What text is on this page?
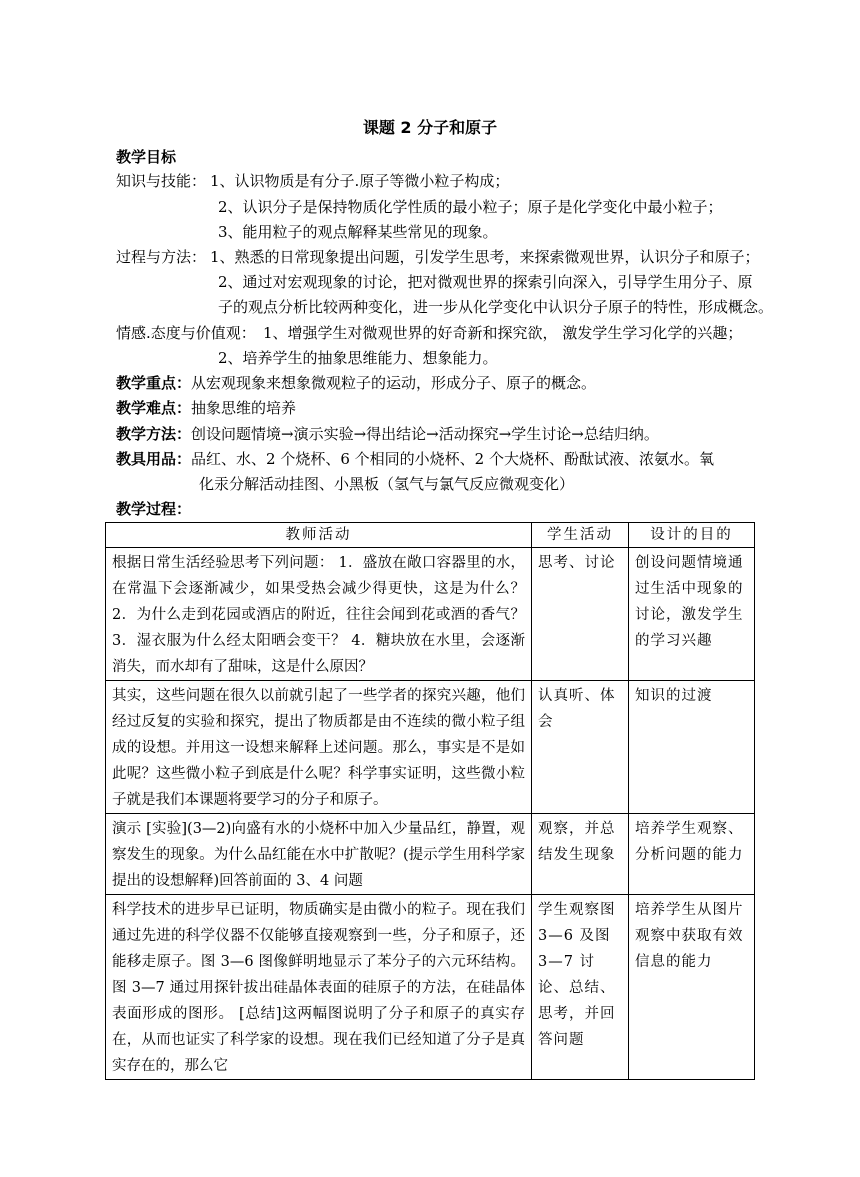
课题 2 分子和原子
教学目标
知识与技能： 1、认识物质是有分子.原子等微小粒子构成；
2、认识分子是保持物质化学性质的最小粒子；原子是化学变化中最小粒子；
3、能用粒子的观点解释某些常见的现象。
过程与方法： 1、熟悉的日常现象提出问题，引发学生思考，来探索微观世界，认识分子和原子；
2、通过对宏观现象的讨论，把对微观世界的探索引向深入，引导学生用分子、原
子的观点分析比较两种变化，进一步从化学变化中认识分子原子的特性，形成概念。
情感.态度与价值观： 1、增强学生对微观世界的好奇新和探究欲， 激发学生学习化学的兴趣；
2、培养学生的抽象思维能力、想象能力。
教学重点：从宏观现象来想象微观粒子的运动，形成分子、原子的概念。
教学难点：抽象思维的培养
教学方法：创设问题情境→演示实验→得出结论→活动探究→学生讨论→总结归纳。
教具用品：品红、水、2 个烧杯、6 个相同的小烧杯、2 个大烧杯、酚酞试液、浓氨水。氧
化汞分解活动挂图、小黑板（氢气与氯气反应微观变化）
教学过程：
教师活动	学生活动	设计的目的
根据日常生活经验思考下列问题： 1．盛放在敞口容器里的水，在常温下会逐渐减少，如果受热会减少得更快，这是为什么？ 2．为什么走到花园或酒店的附近，往往会闻到花或酒的香气？ 3．湿衣服为什么经太阳晒会变干？ 4．糖块放在水里，会逐渐消失，而水却有了甜味，这是什么原因？	思考、讨论	创设问题情境通过生活中现象的讨论，激发学生的学习兴趣
其实，这些问题在很久以前就引起了一些学者的探究兴趣，他们经过反复的实验和探究，提出了物质都是由不连续的微小粒子组成的设想。并用这一设想来解释上述问题。那么，事实是不是如此呢？这些微小粒子到底是什么呢？科学事实证明，这些微小粒子就是我们本课题将要学习的分子和原子。	认真听、体会	知识的过渡
演示 [实验](3—2)向盛有水的小烧杯中加入少量品红，静置，观察发生的现象。为什么品红能在水中扩散呢？(提示学生用科学家提出的设想解释)回答前面的 3、4 问题	观察，并总结发生现象	培养学生观察、分析问题的能力
科学技术的进步早已证明，物质确实是由微小的粒子。现在我们通过先进的科学仪器不仅能够直接观察到一些，分子和原子，还能移走原子。图 3—6 图像鲜明地显示了苯分子的六元环结构。图 3—7 通过用探针拔出硅晶体表面的硅原子的方法，在硅晶体表面形成的图形。 [总结]这两幅图说明了分子和原子的真实存在，从而也证实了科学家的设想。现在我们已经知道了分子是真实存在的，那么它	学生观察图 3—6 及图 3—7 讨论、总结、思考，并回答问题	培养学生从图片观察中获取有效信息的能力
